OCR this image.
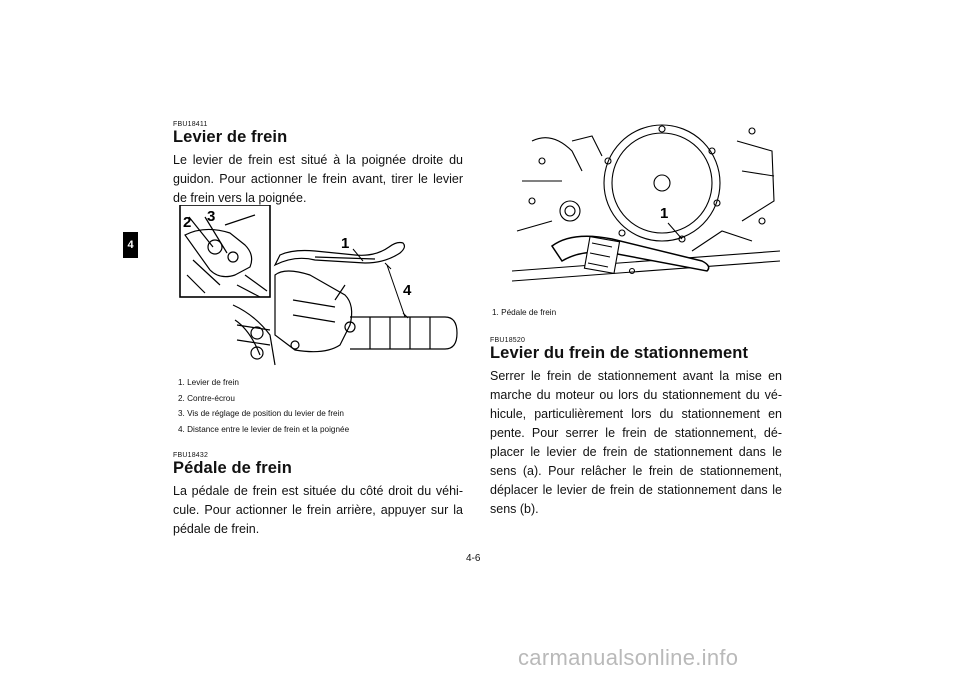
4
FBU18411
Levier de frein

Le levier de frein est situé à la poignée droite du guidon. Pour actionner le frein avant, tirer le levier de frein vers la poignée.

2 3
1
4
1. Levier de frein
2. Contre-écrou
3. Vis de réglage de position du levier de frein
4. Distance entre le levier de frein et la poignée
FBU18432
Pédale de frein

La pédale de frein est située du côté droit du véhi-cule. Pour actionner le frein arrière, appuyer sur la pédale de frein.

1
1. Pédale de frein
FBU18520
Levier du frein de stationnement

Serrer le frein de stationnement avant la mise en marche du moteur ou lors du stationnement du vé-hicule, particulièrement lors du stationnement en pente. Pour serrer le frein de stationnement, dé-placer le levier de frein de stationnement dans le sens (a). Pour relâcher le frein de stationnement, déplacer le levier de frein de stationnement dans le sens (b).

4-6
carmanualsonline.info
